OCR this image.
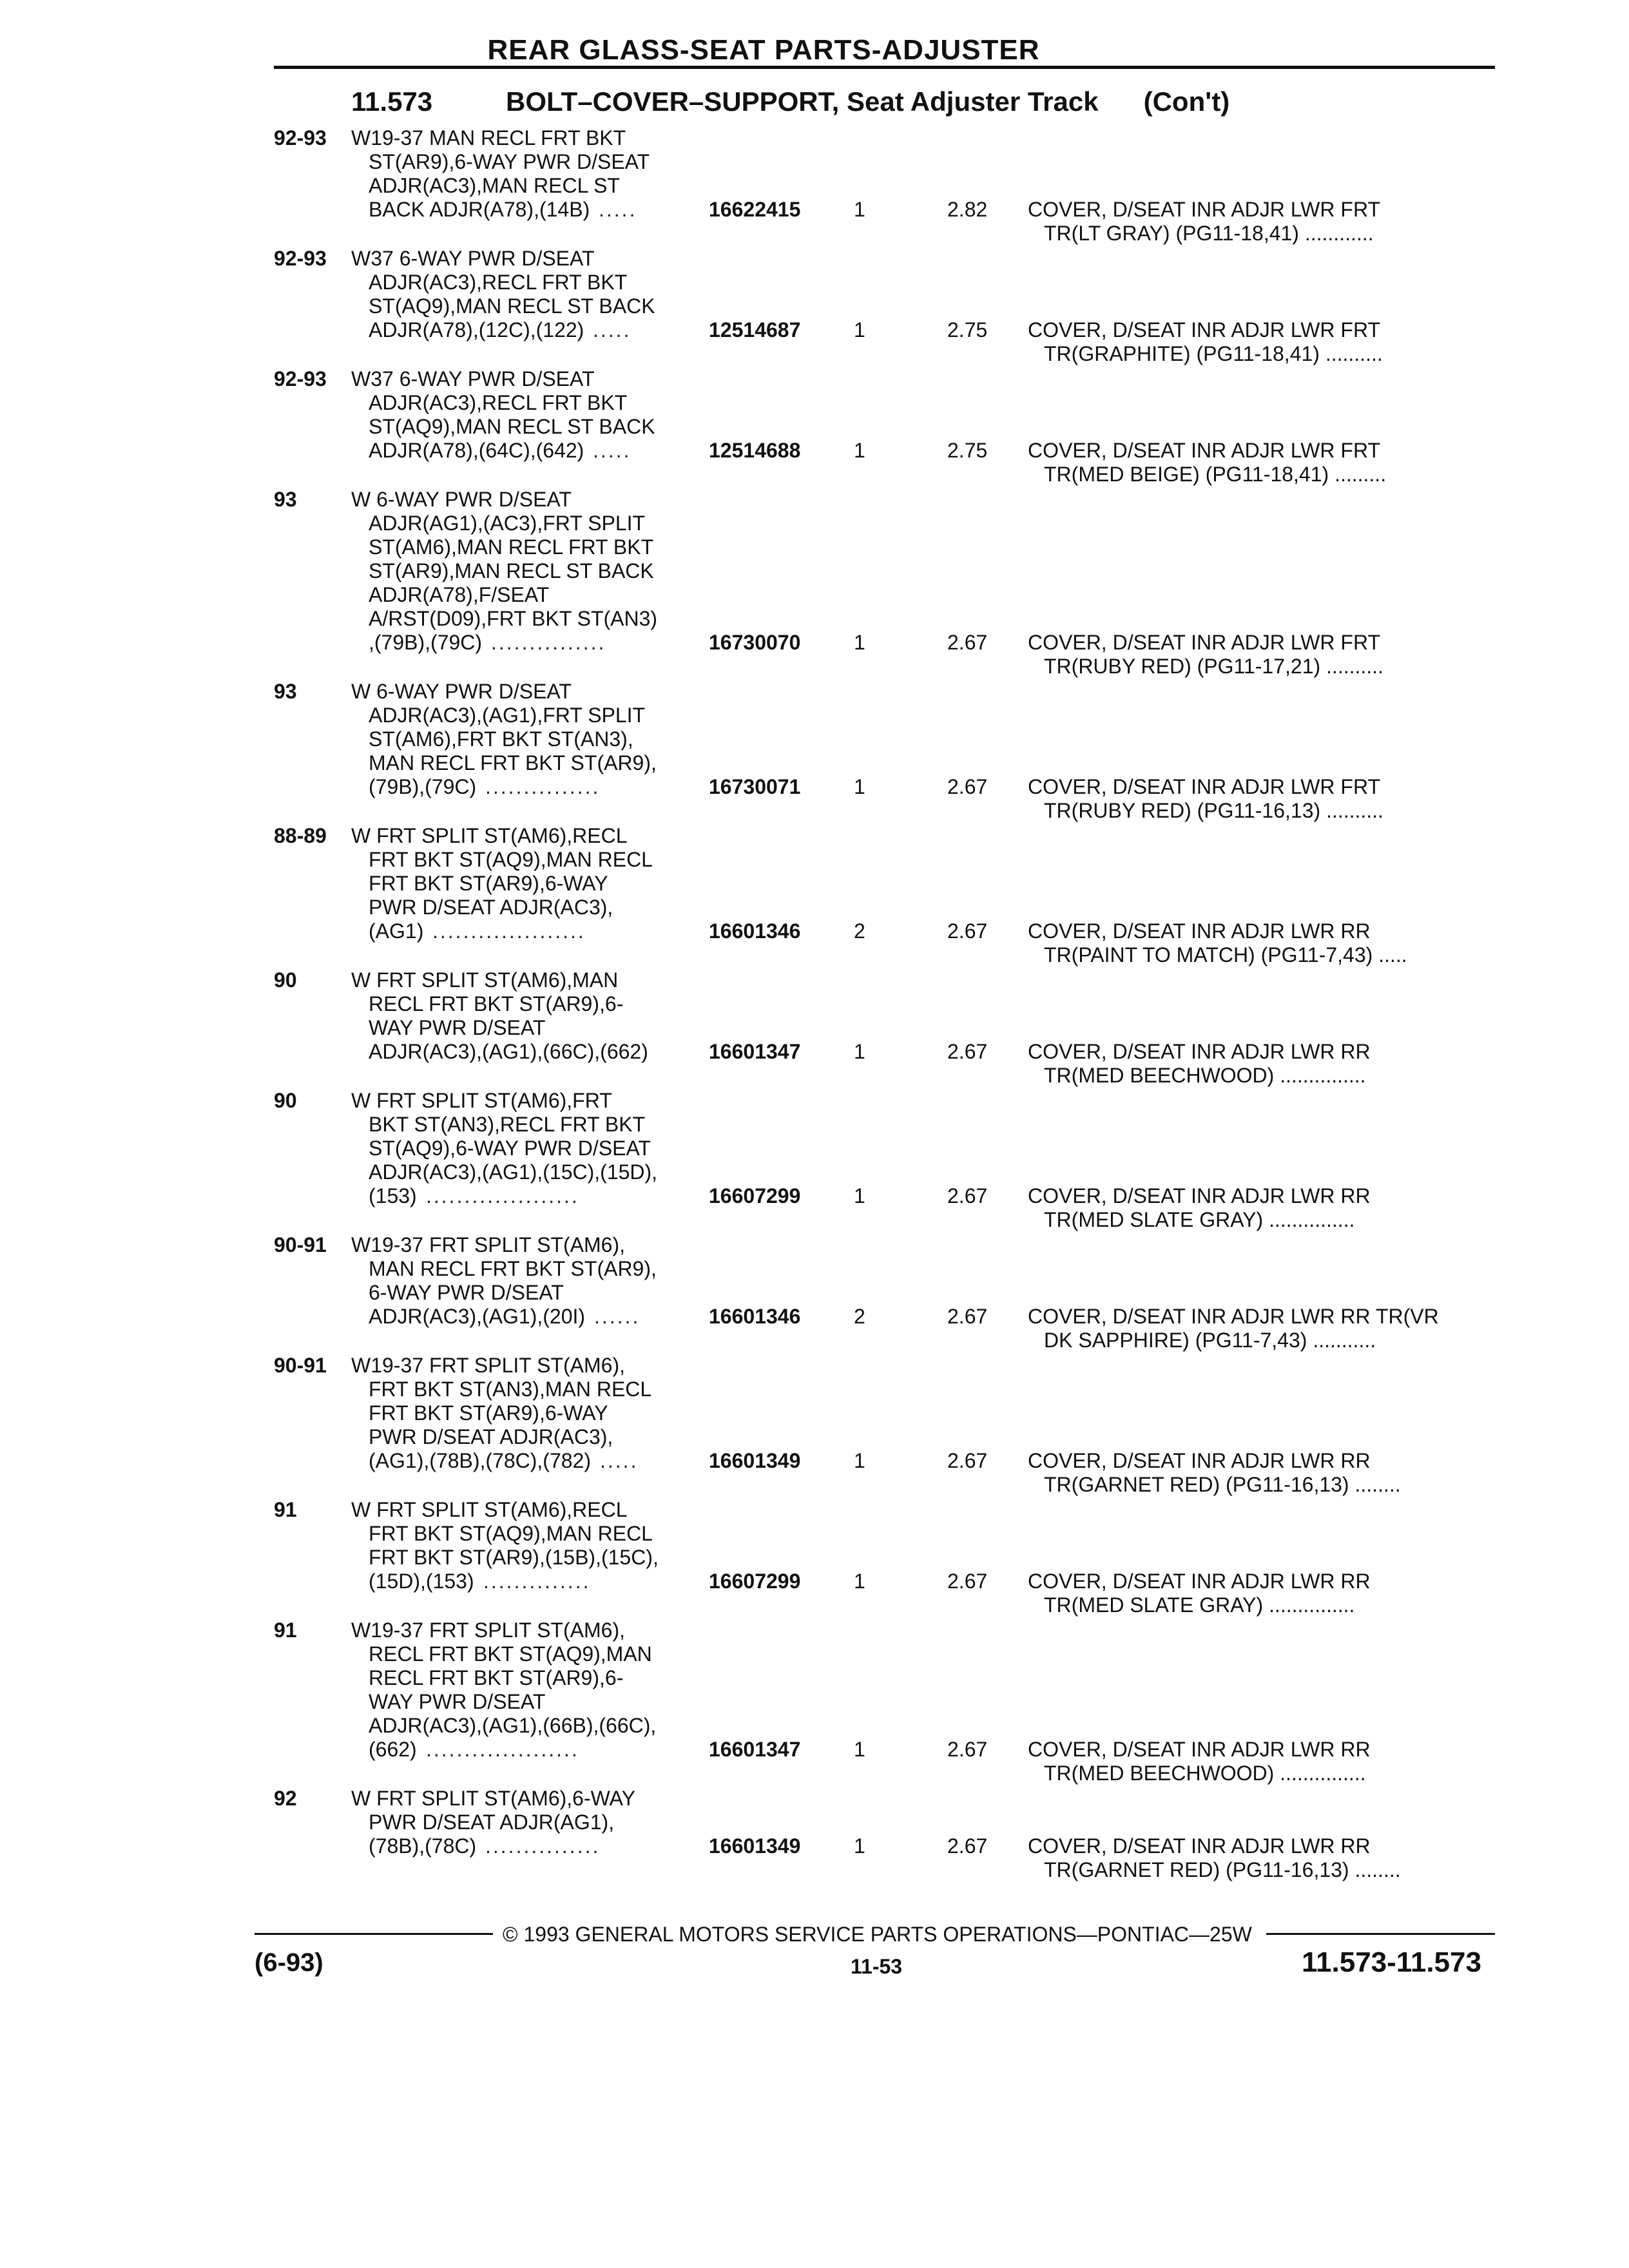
REAR GLASS-SEAT PARTS-ADJUSTER
11.573	BOLT–COVER–SUPPORT, Seat Adjuster Track (Con't)
92-93 W19-37 MAN RECL FRT BKT
ST(AR9),6-WAY PWR D/SEAT
ADJR(AC3),MAN RECL ST
BACK ADJR(A78),(14B) .....	16622415	1	2.82 COVER, D/SEAT INR ADJR LWR FRT
TR(LT GRAY) (PG11-18,41) ............
92-93 W37 6-WAY PWR D/SEAT
ADJR(AC3),RECL FRT BKT
ST(AQ9),MAN RECL ST BACK
ADJR(A78),(12C),(122) .....	12514687	1	2.75 COVER, D/SEAT INR ADJR LWR FRT
TR(GRAPHITE) (PG11-18,41) ..........
92-93 W37 6-WAY PWR D/SEAT
ADJR(AC3),RECL FRT BKT
ST(AQ9),MAN RECL ST BACK
ADJR(A78),(64C),(642) .....	12514688	1	2.75 COVER, D/SEAT INR ADJR LWR FRT
TR(MED BEIGE) (PG11-18,41) .........
93	W 6-WAY PWR D/SEAT
ADJR(AG1),(AC3),FRT SPLIT
ST(AM6),MAN RECL FRT BKT
ST(AR9),MAN RECL ST BACK
ADJR(A78),F/SEAT
A/RST(D09),FRT BKT ST(AN3)
,(79B),(79C) ...............	16730070	1	2.67 COVER, D/SEAT INR ADJR LWR FRT
TR(RUBY RED) (PG11-17,21) ..........
93	W 6-WAY PWR D/SEAT
ADJR(AC3),(AG1),FRT SPLIT
ST(AM6),FRT BKT ST(AN3),
MAN RECL FRT BKT ST(AR9),
(79B),(79C) ...............	16730071	1	2.67 COVER, D/SEAT INR ADJR LWR FRT
TR(RUBY RED) (PG11-16,13) ..........
88-89 W FRT SPLIT ST(AM6),RECL
FRT BKT ST(AQ9),MAN RECL
FRT BKT ST(AR9),6-WAY
PWR D/SEAT ADJR(AC3),
(AG1) ....................	16601346	2	2.67 COVER, D/SEAT INR ADJR LWR RR
TR(PAINT TO MATCH) (PG11-7,43) .....
90	W FRT SPLIT ST(AM6),MAN
RECL FRT BKT ST(AR9),6-
WAY PWR D/SEAT
ADJR(AC3),(AG1),(66C),(662)	16601347	1	2.67 COVER, D/SEAT INR ADJR LWR RR
TR(MED BEECHWOOD) ...............
90	W FRT SPLIT ST(AM6),FRT
BKT ST(AN3),RECL FRT BKT
ST(AQ9),6-WAY PWR D/SEAT
ADJR(AC3),(AG1),(15C),(15D),
(153) ....................	16607299	1	2.67 COVER, D/SEAT INR ADJR LWR RR
TR(MED SLATE GRAY) ...............
90-91 W19-37 FRT SPLIT ST(AM6),
MAN RECL FRT BKT ST(AR9),
6-WAY PWR D/SEAT
ADJR(AC3),(AG1),(20I) ......	16601346	2	2.67 COVER, D/SEAT INR ADJR LWR RR TR(VR
DK SAPPHIRE) (PG11-7,43) ...........
90-91 W19-37 FRT SPLIT ST(AM6),
FRT BKT ST(AN3),MAN RECL
FRT BKT ST(AR9),6-WAY
PWR D/SEAT ADJR(AC3),
(AG1),(78B),(78C),(782) .....	16601349	1	2.67 COVER, D/SEAT INR ADJR LWR RR
TR(GARNET RED) (PG11-16,13) ........
91	W FRT SPLIT ST(AM6),RECL
FRT BKT ST(AQ9),MAN RECL
FRT BKT ST(AR9),(15B),(15C),
(15D),(153) ..............	16607299	1	2.67 COVER, D/SEAT INR ADJR LWR RR
TR(MED SLATE GRAY) ...............
91	W19-37 FRT SPLIT ST(AM6),
RECL FRT BKT ST(AQ9),MAN
RECL FRT BKT ST(AR9),6-
WAY PWR D/SEAT
ADJR(AC3),(AG1),(66B),(66C),
(662) ....................	16601347	1	2.67 COVER, D/SEAT INR ADJR LWR RR
TR(MED BEECHWOOD) ...............
92	W FRT SPLIT ST(AM6),6-WAY
PWR D/SEAT ADJR(AG1),
(78B),(78C) ...............	16601349	1	2.67 COVER, D/SEAT INR ADJR LWR RR
TR(GARNET RED) (PG11-16,13) ........
© 1993 GENERAL MOTORS SERVICE PARTS OPERATIONS—PONTIAC—25W
(6-93)	11-53	11.573-11.573
